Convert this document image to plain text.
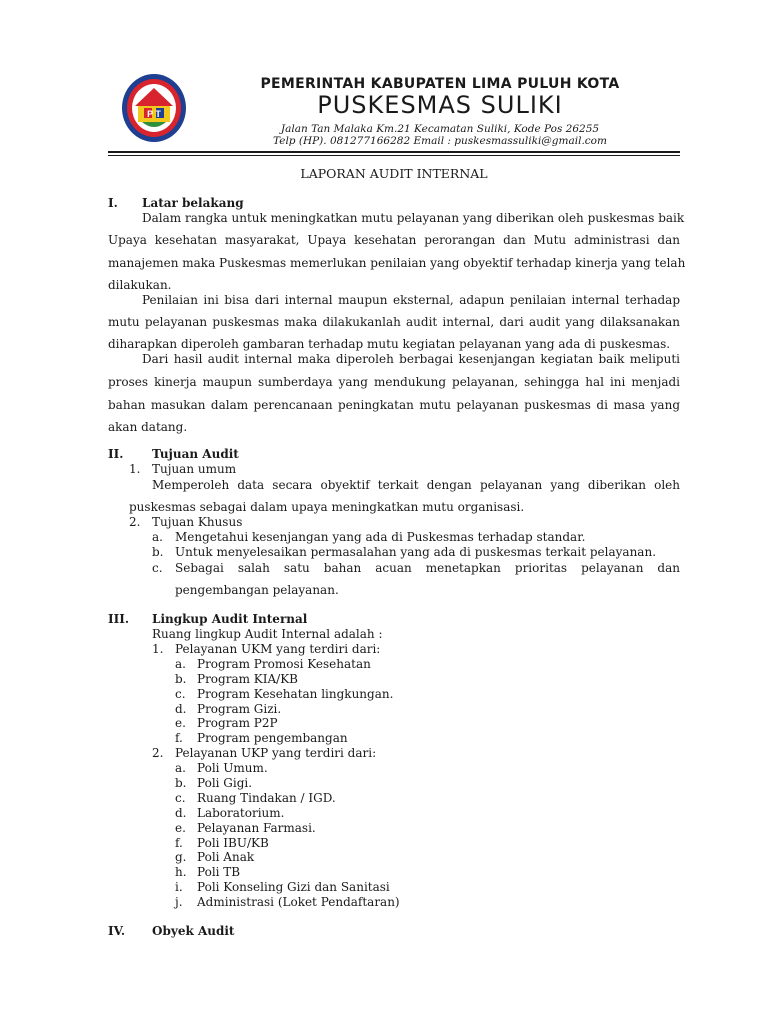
P T
PEMERINTAH KABUPATEN LIMA PULUH KOTA
PUSKESMAS SULIKI
Jalan Tan Malaka Km.21 Kecamatan Suliki, Kode Pos 26255
Telp (HP). 081277166282 Email : puskesmassuliki@gmail.com
LAPORAN AUDIT INTERNAL
I. Latar belakang
Dalam rangka untuk meningkatkan mutu pelayanan yang diberikan oleh puskesmas baik
Upaya kesehatan masyarakat, Upaya kesehatan perorangan dan Mutu administrasi dan
manajemen maka Puskesmas memerlukan penilaian yang obyektif terhadap kinerja yang telah
dilakukan.
Penilaian ini bisa dari internal maupun eksternal, adapun penilaian internal terhadap
mutu pelayanan puskesmas maka dilakukanlah audit internal, dari audit yang dilaksanakan
diharapkan diperoleh gambaran terhadap mutu kegiatan pelayanan yang ada di puskesmas.
Dari hasil audit internal maka diperoleh berbagai kesenjangan kegiatan baik meliputi
proses kinerja maupun sumberdaya yang mendukung pelayanan, sehingga hal ini menjadi
bahan masukan dalam perencanaan peningkatan mutu pelayanan puskesmas di masa yang
akan datang.
II. Tujuan Audit
1. Tujuan umum
Memperoleh data secara obyektif terkait dengan pelayanan yang diberikan oleh
puskesmas sebagai dalam upaya meningkatkan mutu organisasi.
2. Tujuan Khusus
a. Mengetahui kesenjangan yang ada di Puskesmas terhadap standar.
b. Untuk menyelesaikan permasalahan yang ada di puskesmas terkait pelayanan.
c. Sebagai salah satu bahan acuan menetapkan prioritas pelayanan dan
pengembangan pelayanan.
III. Lingkup Audit Internal
Ruang lingkup Audit Internal adalah :
1. Pelayanan UKM yang terdiri dari:
a. Program Promosi Kesehatan
b. Program KIA/KB
c. Program Kesehatan lingkungan.
d. Program Gizi.
e. Program P2P
f. Program pengembangan
2. Pelayanan UKP yang terdiri dari:
a. Poli Umum.
b. Poli Gigi.
c. Ruang Tindakan / IGD.
d. Laboratorium.
e. Pelayanan Farmasi.
f. Poli IBU/KB
g. Poli Anak
h. Poli TB
i. Poli Konseling Gizi dan Sanitasi
j. Administrasi (Loket Pendaftaran)
IV. Obyek Audit
